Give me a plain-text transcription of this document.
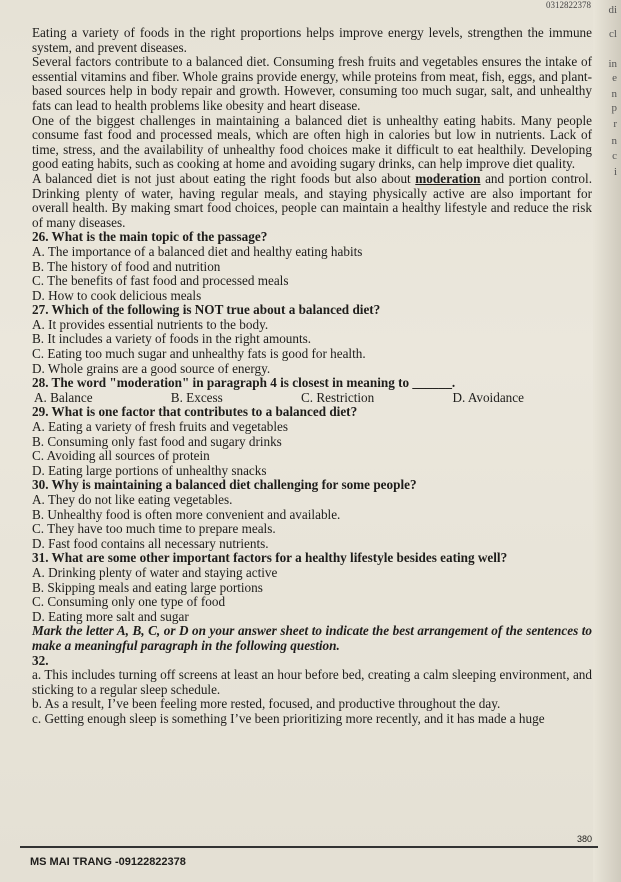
0312822378 di
cl
in
e
n
p
r
n
c
i

Eating a variety of foods in the right proportions helps improve energy levels, strengthen the immune system, and prevent diseases.

Several factors contribute to a balanced diet. Consuming fresh fruits and vegetables ensures the intake of essential vitamins and fiber. Whole grains provide energy, while proteins from meat, fish, eggs, and plant-based sources help in body repair and growth. However, consuming too much sugar, salt, and unhealthy fats can lead to health problems like obesity and heart disease.

One of the biggest challenges in maintaining a balanced diet is unhealthy eating habits. Many people consume fast food and processed meals, which are often high in calories but low in nutrients. Lack of time, stress, and the availability of unhealthy food choices make it difficult to eat healthily. Developing good eating habits, such as cooking at home and avoiding sugary drinks, can help improve diet quality.

A balanced diet is not just about eating the right foods but also about moderation and portion control. Drinking plenty of water, having regular meals, and staying physically active are also important for overall health. By making smart food choices, people can maintain a healthy lifestyle and reduce the risk of many diseases.

26. What is the main topic of the passage?

A. The importance of a balanced diet and healthy eating habits

B. The history of food and nutrition

C. The benefits of fast food and processed meals

D. How to cook delicious meals

27. Which of the following is NOT true about a balanced diet?

A. It provides essential nutrients to the body.

B. It includes a variety of foods in the right amounts.

C. Eating too much sugar and unhealthy fats is good for health.

D. Whole grains are a good source of energy.

28. The word "moderation" in paragraph 4 is closest in meaning to ______.

A. Balance	B. Excess	C. Restriction	D. Avoidance

29. What is one factor that contributes to a balanced diet?

A. Eating a variety of fresh fruits and vegetables

B. Consuming only fast food and sugary drinks

C. Avoiding all sources of protein

D. Eating large portions of unhealthy snacks

30. Why is maintaining a balanced diet challenging for some people?

A. They do not like eating vegetables.

B. Unhealthy food is often more convenient and available.

C. They have too much time to prepare meals.

D. Fast food contains all necessary nutrients.

31. What are some other important factors for a healthy lifestyle besides eating well?

A. Drinking plenty of water and staying active

B. Skipping meals and eating large portions

C. Consuming only one type of food

D. Eating more salt and sugar

Mark the letter A, B, C, or D on your answer sheet to indicate the best arrangement of the sentences to make a meaningful paragraph in the following question.

32.

a. This includes turning off screens at least an hour before bed, creating a calm sleeping environment, and sticking to a regular sleep schedule.

b. As a result, I’ve been feeling more rested, focused, and productive throughout the day.

c. Getting enough sleep is something I’ve been prioritizing more recently, and it has made a huge

380
MS MAI TRANG -09122822378
